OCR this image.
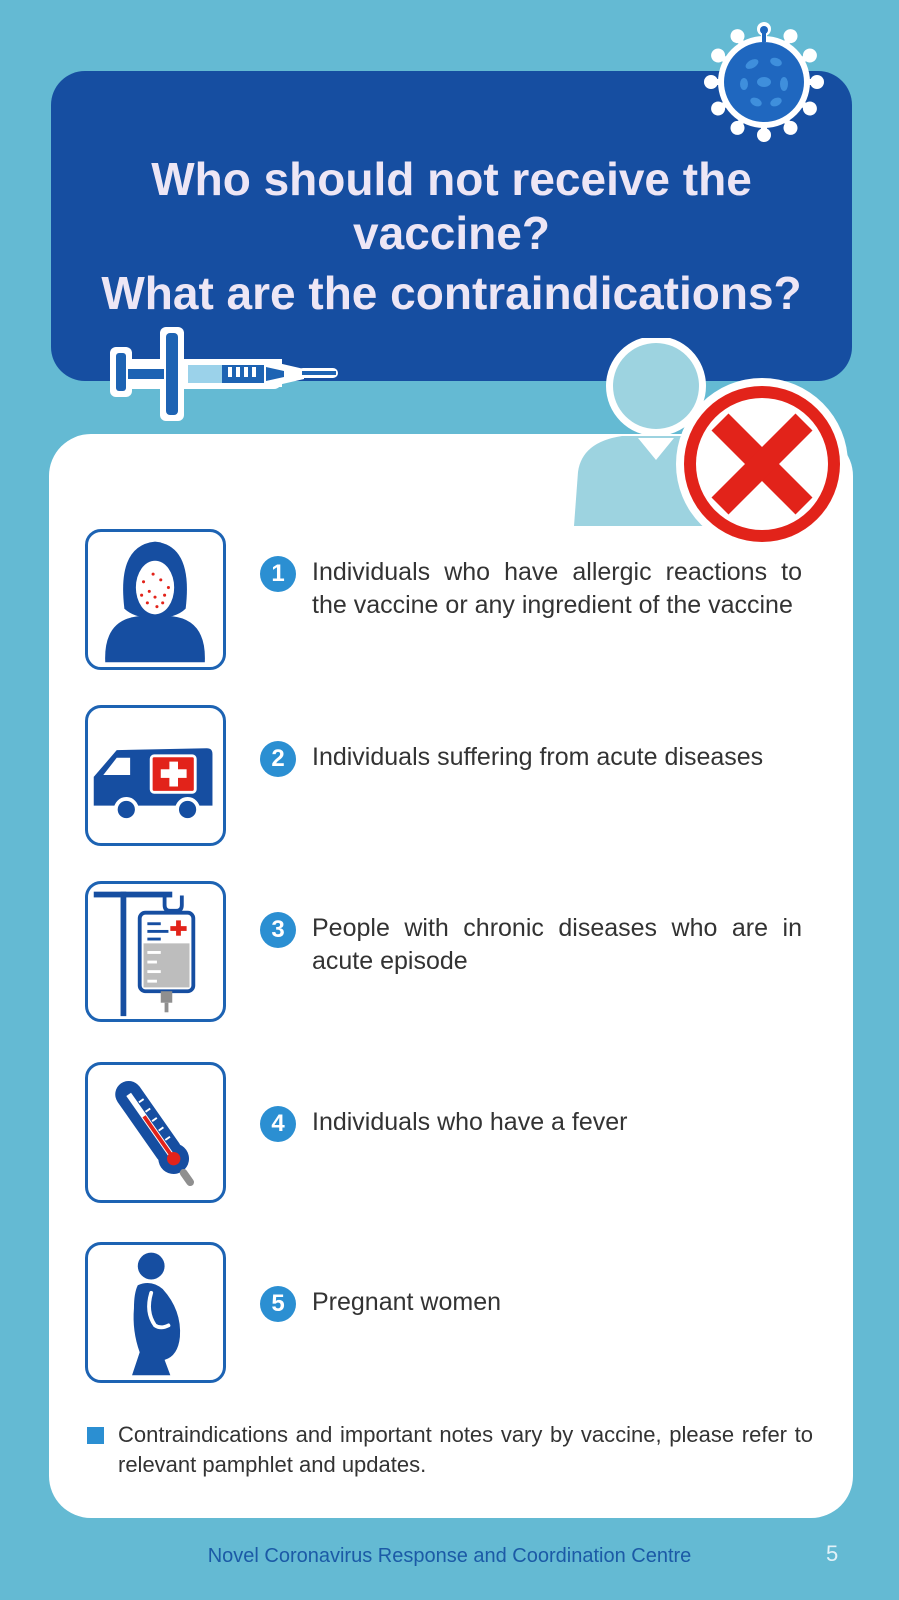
Who should not receive the vaccine?
What are the contraindications?
1	Individuals who have allergic reactions to the vaccine or any ingredient of the vaccine

2	Individuals suffering from acute diseases

3	People with chronic diseases who are in acute episode

4	Individuals who have a fever

5	Pregnant women

Contraindications and important notes vary by vaccine, please refer to relevant pamphlet and updates.

Novel Coronavirus Response and Coordination Centre	5
